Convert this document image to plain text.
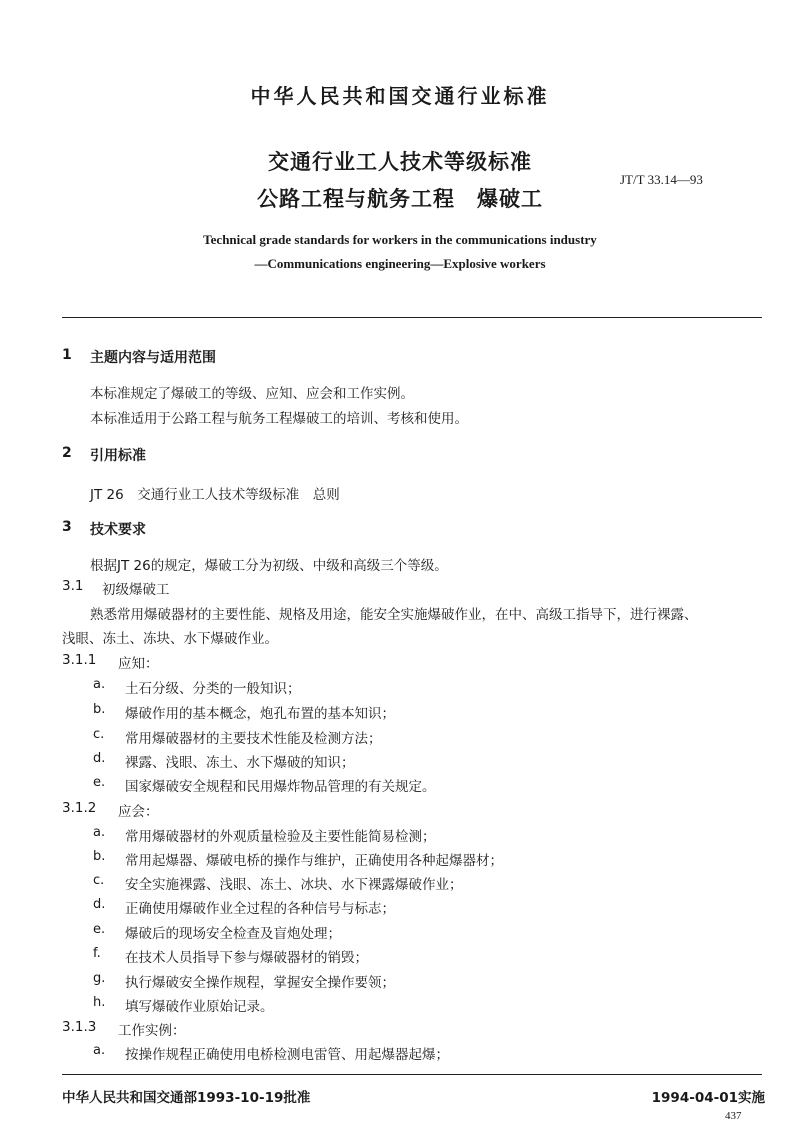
中华人民共和国交通行业标准
交通行业工人技术等级标准
公路工程与航务工程　爆破工
JT/T 33.14—93
Technical grade standards for workers in the communications industry
—Communications engineering—Explosive workers
1 主题内容与适用范围
本标准规定了爆破工的等级、应知、应会和工作实例。
本标准适用于公路工程与航务工程爆破工的培训、考核和使用。
2 引用标准
JT 26　交通行业工人技术等级标准　总则
3 技术要求
根据JT 26的规定，爆破工分为初级、中级和高级三个等级。
3.1 初级爆破工
熟悉常用爆破器材的主要性能、规格及用途，能安全实施爆破作业，在中、高级工指导下，进行裸露、
浅眼、冻土、冻块、水下爆破作业。
3.1.1 应知：
a. 土石分级、分类的一般知识；
b. 爆破作用的基本概念，炮孔布置的基本知识；
c. 常用爆破器材的主要技术性能及检测方法；
d. 裸露、浅眼、冻土、水下爆破的知识；
e. 国家爆破安全规程和民用爆炸物品管理的有关规定。
3.1.2 应会：
a. 常用爆破器材的外观质量检验及主要性能简易检测；
b. 常用起爆器、爆破电桥的操作与维护，正确使用各种起爆器材；
c. 安全实施裸露、浅眼、冻土、冰块、水下裸露爆破作业；
d. 正确使用爆破作业全过程的各种信号与标志；
e. 爆破后的现场安全检查及盲炮处理；
f. 在技术人员指导下参与爆破器材的销毁；
g. 执行爆破安全操作规程，掌握安全操作要领；
h. 填写爆破作业原始记录。
3.1.3 工作实例：
a. 按操作规程正确使用电桥检测电雷管、用起爆器起爆；
中华人民共和国交通部1993-10-19批准	1994-04-01实施
437
